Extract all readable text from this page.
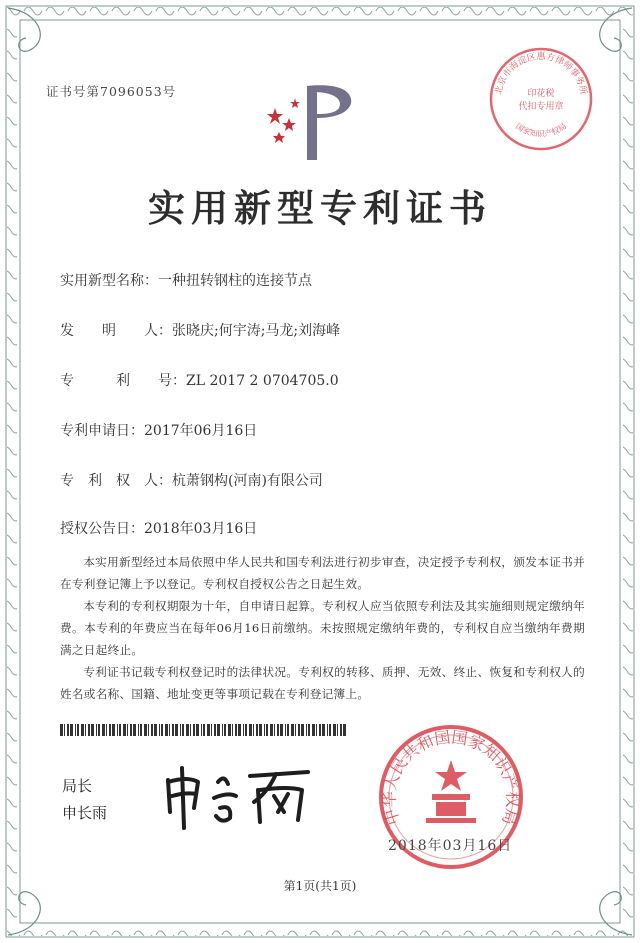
证书号第7096053号
实用新型专利证书
实用新型名称：一种扭转钢柱的连接节点
发　　明　　人：张晓庆;何宇涛;马龙;刘海峰
专　　　利　　号：ZL 2017 2 0704705.0
专利申请日：2017年06月16日
专　利　权　人：杭萧钢构(河南)有限公司
授权公告日：2018年03月16日

本实用新型经过本局依照中华人民共和国专利法进行初步审查，决定授予专利权，颁发本证书并在专利登记簿上予以登记。专利权自授权公告之日起生效。

本专利的专利权期限为十年，自申请日起算。专利权人应当依照专利法及其实施细则规定缴纳年费。本专利的年费应当在每年06月16日前缴纳。未按照规定缴纳年费的，专利权自应当缴纳年费期满之日起终止。

专利证书记载专利权登记时的法律状况。专利权的转移、质押、无效、终止、恢复和专利权人的姓名或名称、国籍、地址变更等事项记载在专利登记簿上。

局长
申长雨	中华人民共和国国家知识产权局
2018年03月16日
北京市海淀区惠方律师事务所
印花税
代扣专用章
国家知识产权局
第1页(共1页)
